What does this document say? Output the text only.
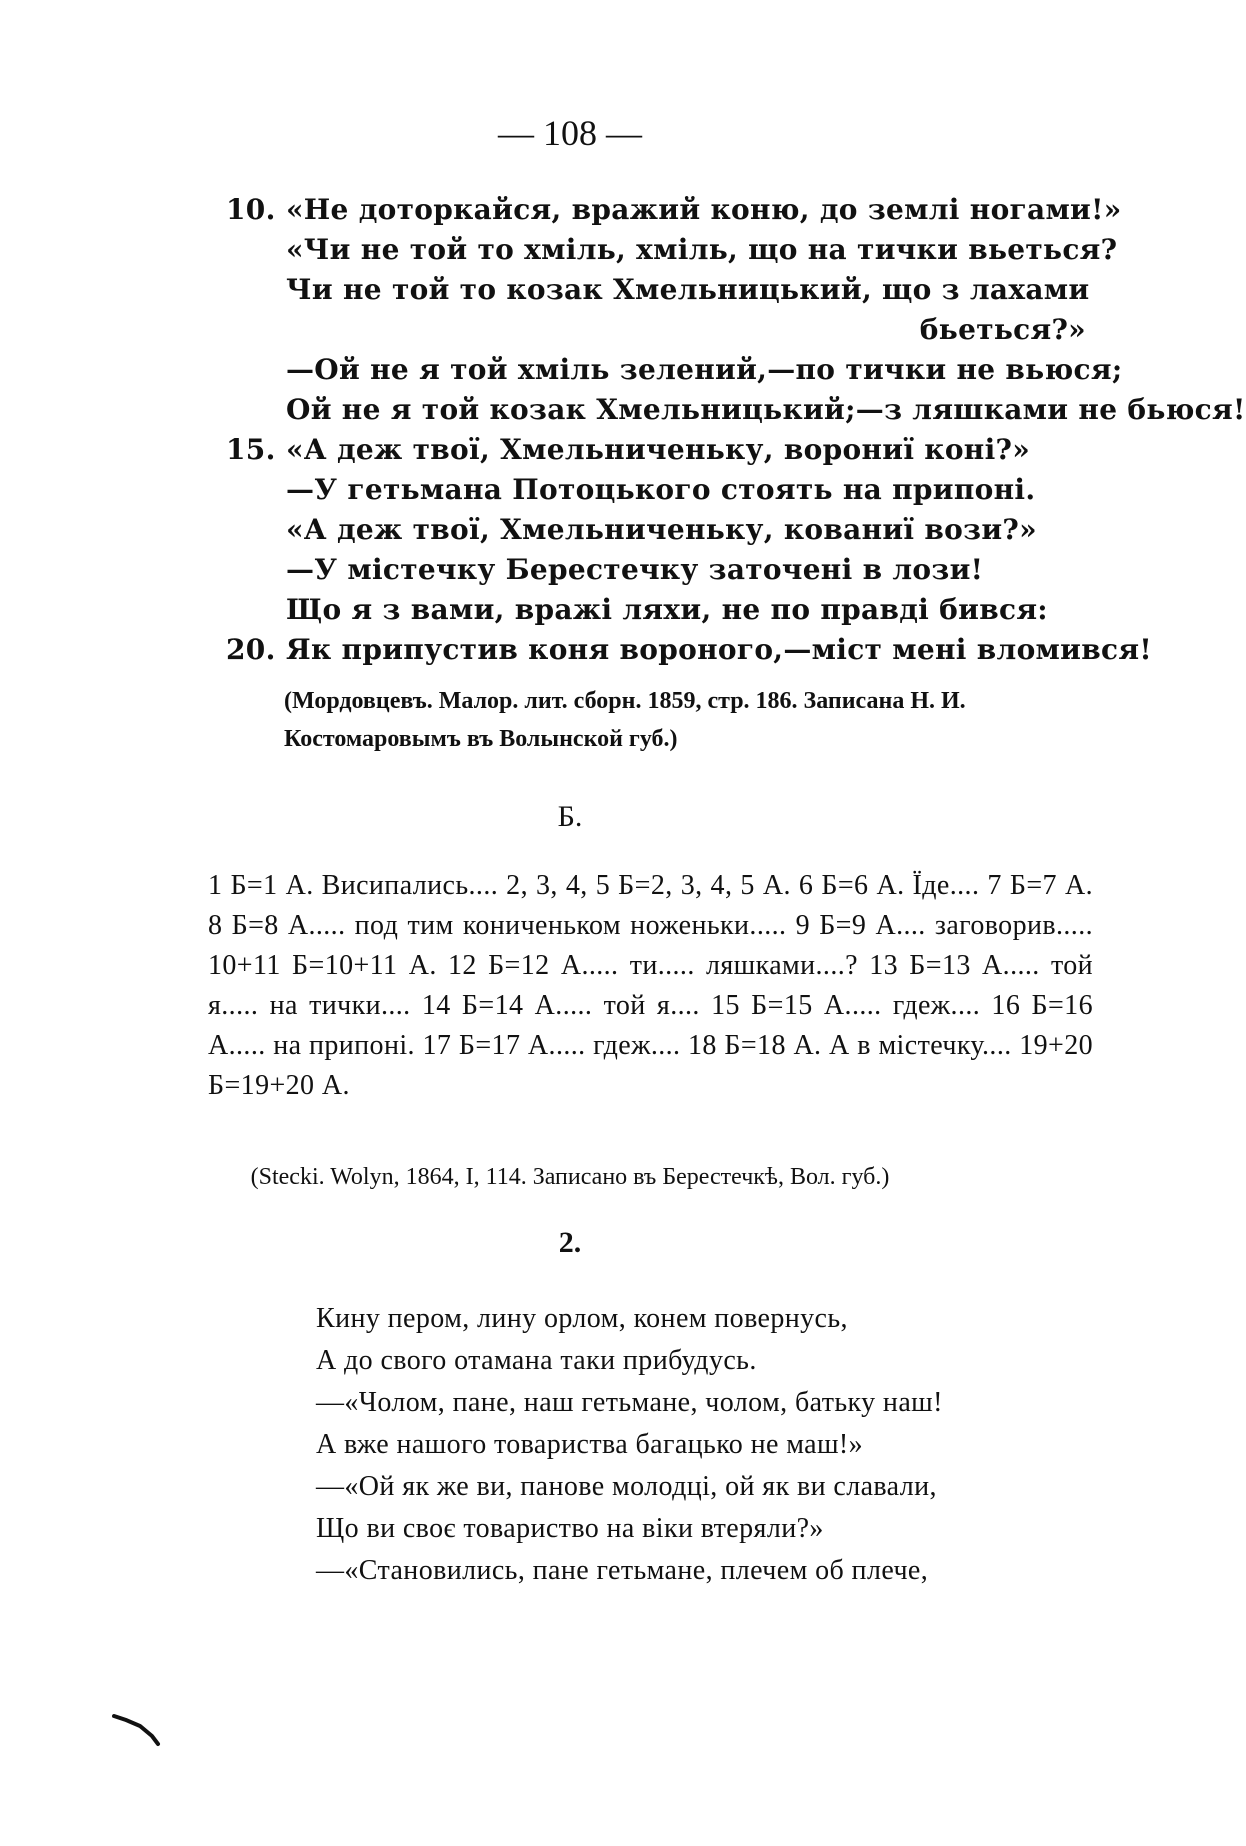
— 108 —
10. «Не доторкайся, вражий коню, до землі ногами!»
«Чи не той то хміль, хміль, що на тички вьеться?
Чи не той то козак Хмельницький, що з лахами
бьеться?»
—Ой не я той хміль зелений,—по тички не вьюся;
Ой не я той козак Хмельницький;—з ляшками не бьюся!
15. «А деж твої, Хмельниченьку, ворониї коні?»
—У гетьмана Потоцького стоять на припоні.
«А деж твої, Хмельниченьку, кованиї вози?»
—У містечку Берестечку заточені в лози!
Що я з вами, вражі ляхи, не по правді бився:
20. Як припустив коня вороного,—міст мені вломився!
(Мордовцевъ. Малор. лит. сборн. 1859, стр. 186. Записана Н. И. Костомаровымъ въ Волынской губ.)
Б.
1 Б=1 А. Висипались.... 2, 3, 4, 5 Б=2, 3, 4, 5 А. 6 Б=6 А. Їде.... 7 Б=7 А. 8 Б=8 А..... под тим кониченьком ноженьки..... 9 Б=9 А.... заговорив..... 10+11 Б=10+11 А. 12 Б=12 А..... ти..... ляшками....? 13 Б=13 А..... той я..... на тички.... 14 Б=14 А..... той я.... 15 Б=15 А..... гдеж.... 16 Б=16 А..... на припоні. 17 Б=17 А..... гдеж.... 18 Б=18 А. А в містечку.... 19+20 Б=19+20 А.
(Stecki. Wolyn, 1864, I, 114. Записано въ Берестечкѣ, Вол. губ.)
2.
Кину пером, лину орлом, конем повернусь,
А до свого отамана таки прибудусь.
—«Чолом, пане, наш гетьмане, чолом, батьку наш!
А вже нашого товариства багацько не маш!»
—«Ой як же ви, панове молодці, ой як ви славали,
Що ви своє товариство на віки втеряли?»
—«Становились, пане гетьмане, плечем об плече,
